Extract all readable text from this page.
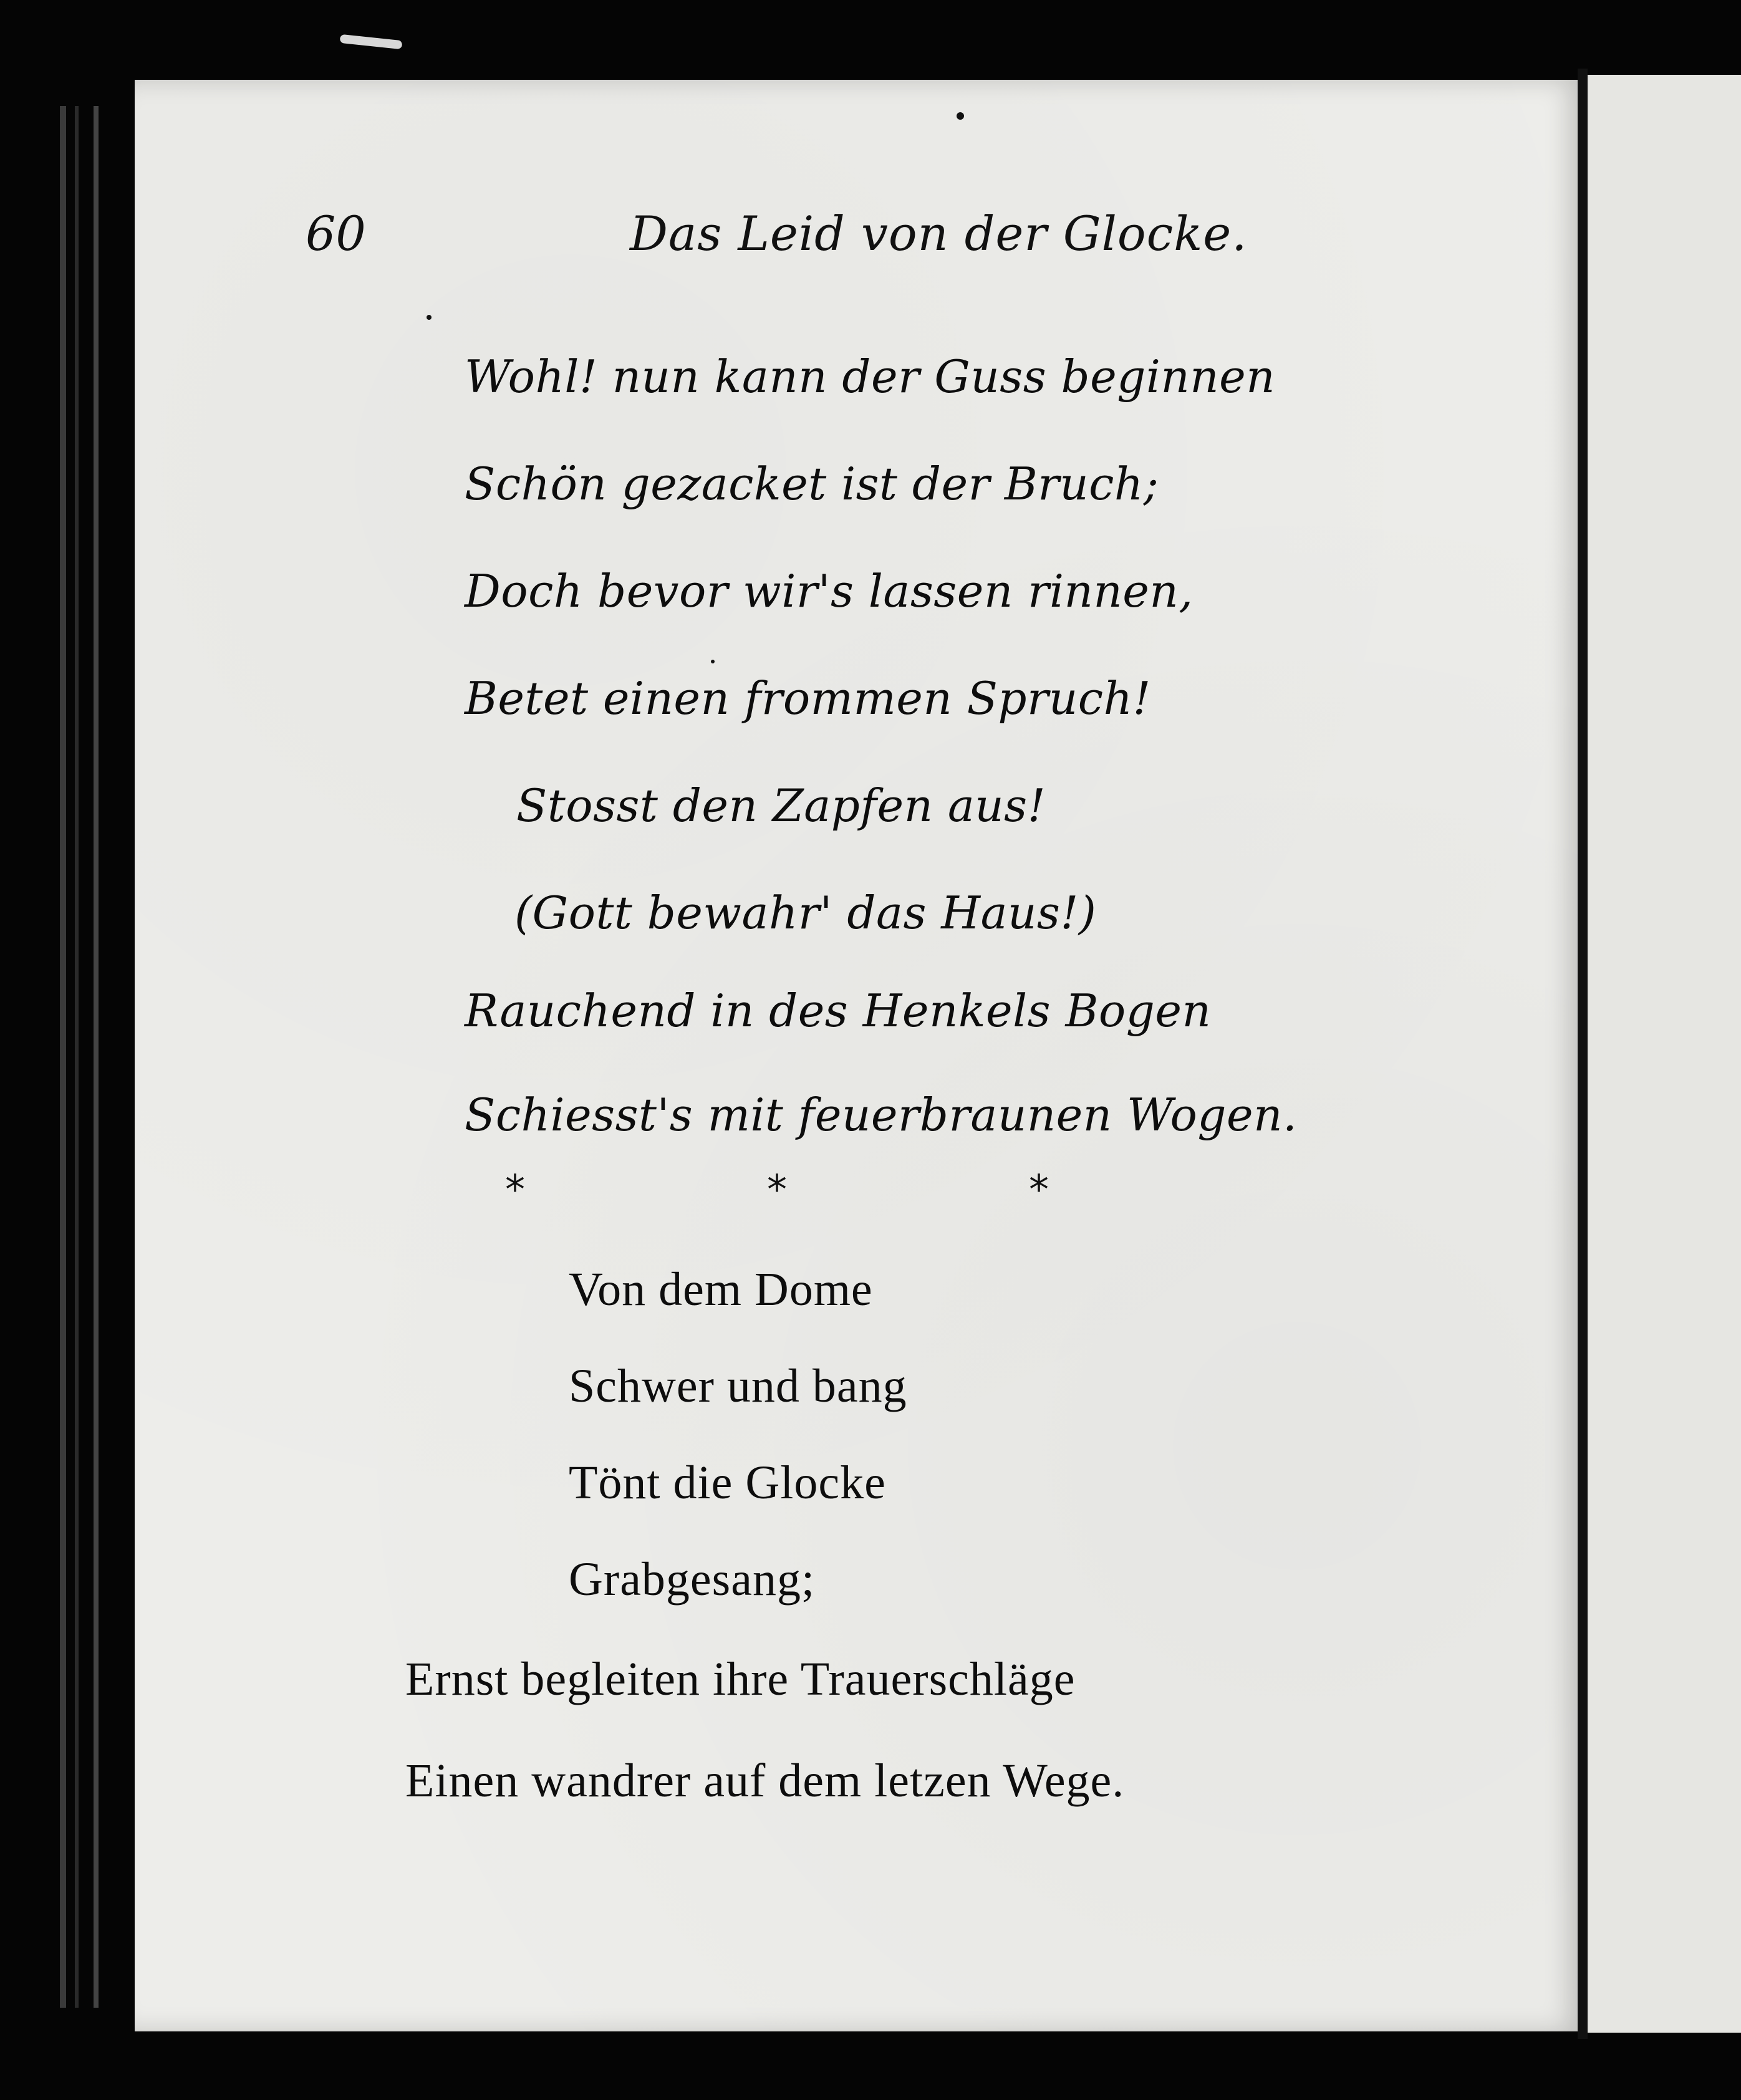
60	Das Leid von der Glocke.
Wohl! nun kann der Guss beginnen
Schön gezacket ist der Bruch;
Doch bevor wir's lassen rinnen,
Betet einen frommen Spruch!
Stosst den Zapfen aus!
(Gott bewahr' das Haus!)
Rauchend in des Henkels Bogen
Schiesst's mit feuerbraunen Wogen.
*	*	*
Von dem Dome
Schwer und bang
Tönt die Glocke
Grabgesang;
Ernst begleiten ihre Trauerschläge
Einen wandrer auf dem letzen Wege.
